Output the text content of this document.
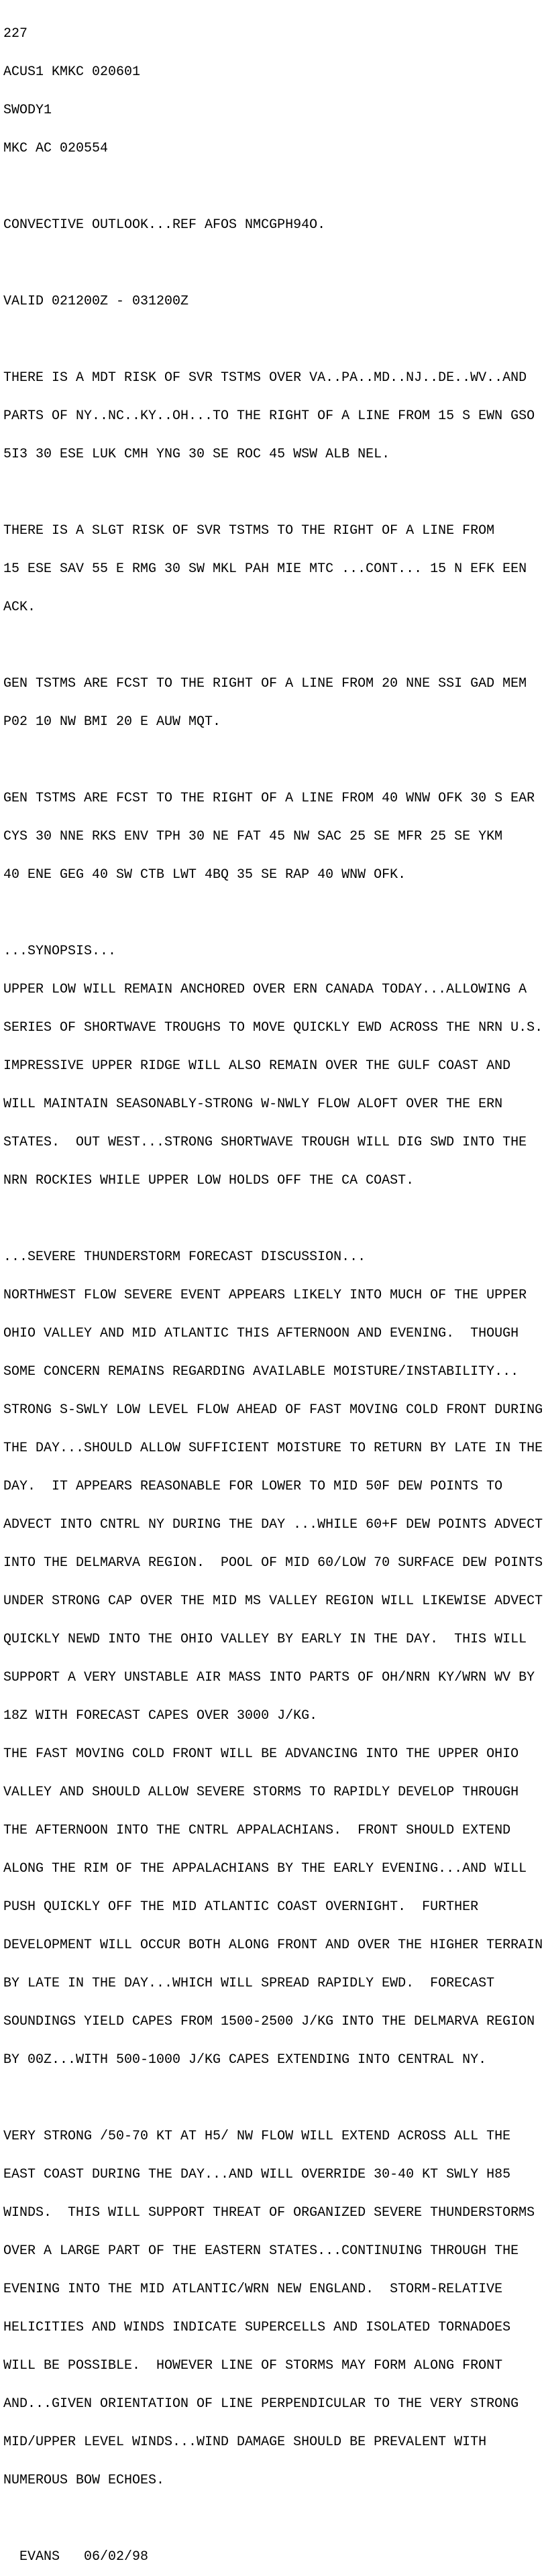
227

ACUS1 KMKC 020601

SWODY1

MKC AC 020554

CONVECTIVE OUTLOOK...REF AFOS NMCGPH94O.

VALID 021200Z - 031200Z

THERE IS A MDT RISK OF SVR TSTMS OVER VA..PA..MD..NJ..DE..WV..AND

PARTS OF NY..NC..KY..OH...TO THE RIGHT OF A LINE FROM 15 S EWN GSO

5I3 30 ESE LUK CMH YNG 30 SE ROC 45 WSW ALB NEL.

THERE IS A SLGT RISK OF SVR TSTMS TO THE RIGHT OF A LINE FROM

15 ESE SAV 55 E RMG 30 SW MKL PAH MIE MTC ...CONT... 15 N EFK EEN

ACK.

GEN TSTMS ARE FCST TO THE RIGHT OF A LINE FROM 20 NNE SSI GAD MEM

P02 10 NW BMI 20 E AUW MQT.

GEN TSTMS ARE FCST TO THE RIGHT OF A LINE FROM 40 WNW OFK 30 S EAR

CYS 30 NNE RKS ENV TPH 30 NE FAT 45 NW SAC 25 SE MFR 25 SE YKM

40 ENE GEG 40 SW CTB LWT 4BQ 35 SE RAP 40 WNW OFK.

...SYNOPSIS...

UPPER LOW WILL REMAIN ANCHORED OVER ERN CANADA TODAY...ALLOWING A

SERIES OF SHORTWAVE TROUGHS TO MOVE QUICKLY EWD ACROSS THE NRN U.S.

IMPRESSIVE UPPER RIDGE WILL ALSO REMAIN OVER THE GULF COAST AND

WILL MAINTAIN SEASONABLY-STRONG W-NWLY FLOW ALOFT OVER THE ERN

STATES.  OUT WEST...STRONG SHORTWAVE TROUGH WILL DIG SWD INTO THE

NRN ROCKIES WHILE UPPER LOW HOLDS OFF THE CA COAST.

...SEVERE THUNDERSTORM FORECAST DISCUSSION...

NORTHWEST FLOW SEVERE EVENT APPEARS LIKELY INTO MUCH OF THE UPPER

OHIO VALLEY AND MID ATLANTIC THIS AFTERNOON AND EVENING.  THOUGH

SOME CONCERN REMAINS REGARDING AVAILABLE MOISTURE/INSTABILITY...

STRONG S-SWLY LOW LEVEL FLOW AHEAD OF FAST MOVING COLD FRONT DURING

THE DAY...SHOULD ALLOW SUFFICIENT MOISTURE TO RETURN BY LATE IN THE

DAY.  IT APPEARS REASONABLE FOR LOWER TO MID 50F DEW POINTS TO

ADVECT INTO CNTRL NY DURING THE DAY ...WHILE 60+F DEW POINTS ADVECT

INTO THE DELMARVA REGION.  POOL OF MID 60/LOW 70 SURFACE DEW POINTS

UNDER STRONG CAP OVER THE MID MS VALLEY REGION WILL LIKEWISE ADVECT

QUICKLY NEWD INTO THE OHIO VALLEY BY EARLY IN THE DAY.  THIS WILL

SUPPORT A VERY UNSTABLE AIR MASS INTO PARTS OF OH/NRN KY/WRN WV BY

18Z WITH FORECAST CAPES OVER 3000 J/KG.

THE FAST MOVING COLD FRONT WILL BE ADVANCING INTO THE UPPER OHIO

VALLEY AND SHOULD ALLOW SEVERE STORMS TO RAPIDLY DEVELOP THROUGH

THE AFTERNOON INTO THE CNTRL APPALACHIANS.  FRONT SHOULD EXTEND

ALONG THE RIM OF THE APPALACHIANS BY THE EARLY EVENING...AND WILL

PUSH QUICKLY OFF THE MID ATLANTIC COAST OVERNIGHT.  FURTHER

DEVELOPMENT WILL OCCUR BOTH ALONG FRONT AND OVER THE HIGHER TERRAIN

BY LATE IN THE DAY...WHICH WILL SPREAD RAPIDLY EWD.  FORECAST

SOUNDINGS YIELD CAPES FROM 1500-2500 J/KG INTO THE DELMARVA REGION

BY 00Z...WITH 500-1000 J/KG CAPES EXTENDING INTO CENTRAL NY.

VERY STRONG /50-70 KT AT H5/ NW FLOW WILL EXTEND ACROSS ALL THE

EAST COAST DURING THE DAY...AND WILL OVERRIDE 30-40 KT SWLY H85

WINDS.  THIS WILL SUPPORT THREAT OF ORGANIZED SEVERE THUNDERSTORMS

OVER A LARGE PART OF THE EASTERN STATES...CONTINUING THROUGH THE

EVENING INTO THE MID ATLANTIC/WRN NEW ENGLAND.  STORM-RELATIVE

HELICITIES AND WINDS INDICATE SUPERCELLS AND ISOLATED TORNADOES

WILL BE POSSIBLE.  HOWEVER LINE OF STORMS MAY FORM ALONG FRONT

AND...GIVEN ORIENTATION OF LINE PERPENDICULAR TO THE VERY STRONG

MID/UPPER LEVEL WINDS...WIND DAMAGE SHOULD BE PREVALENT WITH

NUMEROUS BOW ECHOES.

EVANS   06/02/98
